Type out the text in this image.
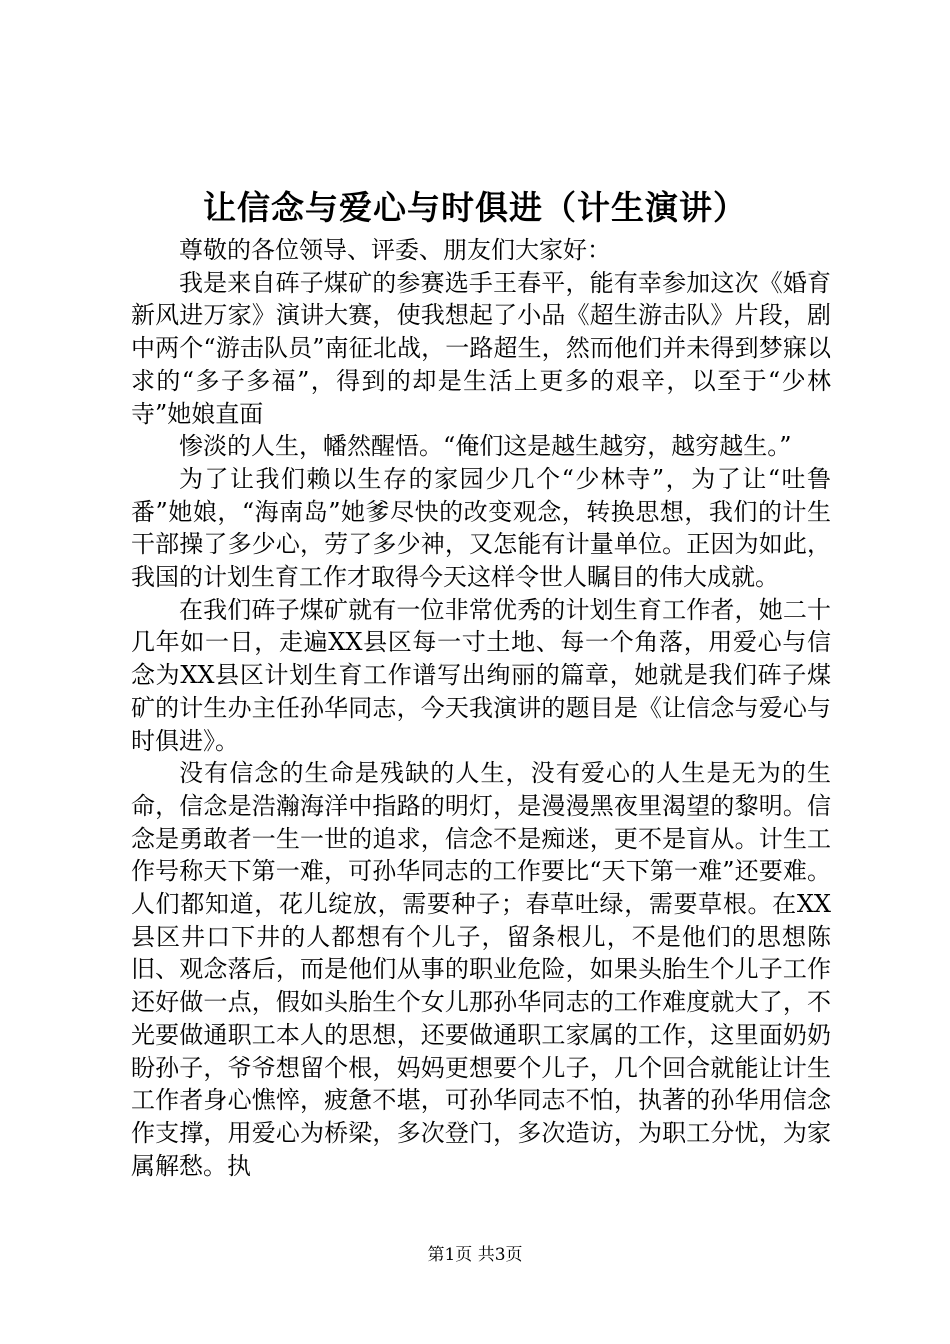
让信念与爱心与时俱进（计生演讲）

尊敬的各位领导、评委、朋友们大家好：

我是来自砗子煤矿的参赛选手王春平，能有幸参加这次《婚育新风进万家》演讲大赛，使我想起了小品《超生游击队》片段，剧中两个“游击队员”南征北战，一路超生，然而他们并未得到梦寐以求的“多子多福”，得到的却是生活上更多的艰辛，以至于“少林寺”她娘直面

惨淡的人生，幡然醒悟。“俺们这是越生越穷，越穷越生。”

为了让我们赖以生存的家园少几个“少林寺”，为了让“吐鲁番”她娘，“海南岛”她爹尽快的改变观念，转换思想，我们的计生干部操了多少心，劳了多少神，又怎能有计量单位。正因为如此，我国的计划生育工作才取得今天这样令世人瞩目的伟大成就。

在我们砗子煤矿就有一位非常优秀的计划生育工作者，她二十几年如一日，走遍XX县区每一寸土地、每一个角落，用爱心与信念为XX县区计划生育工作谱写出绚丽的篇章，她就是我们砗子煤矿的计生办主任孙华同志，今天我演讲的题目是《让信念与爱心与时俱进》。

没有信念的生命是残缺的人生，没有爱心的人生是无为的生命，信念是浩瀚海洋中指路的明灯，是漫漫黑夜里渴望的黎明。信念是勇敢者一生一世的追求，信念不是痴迷，更不是盲从。计生工作号称天下第一难，可孙华同志的工作要比“天下第一难”还要难。人们都知道，花儿绽放，需要种子；春草吐绿，需要草根。在XX县区井口下井的人都想有个儿子，留条根儿，不是他们的思想陈旧、观念落后，而是他们从事的职业危险，如果头胎生个儿子工作还好做一点，假如头胎生个女儿那孙华同志的工作难度就大了，不光要做通职工本人的思想，还要做通职工家属的工作，这里面奶奶盼孙子，爷爷想留个根，妈妈更想要个儿子，几个回合就能让计生工作者身心憔悴，疲惫不堪，可孙华同志不怕，执著的孙华用信念作支撑，用爱心为桥梁，多次登门，多次造访，为职工分忧，为家属解愁。执

第1页 共3页
